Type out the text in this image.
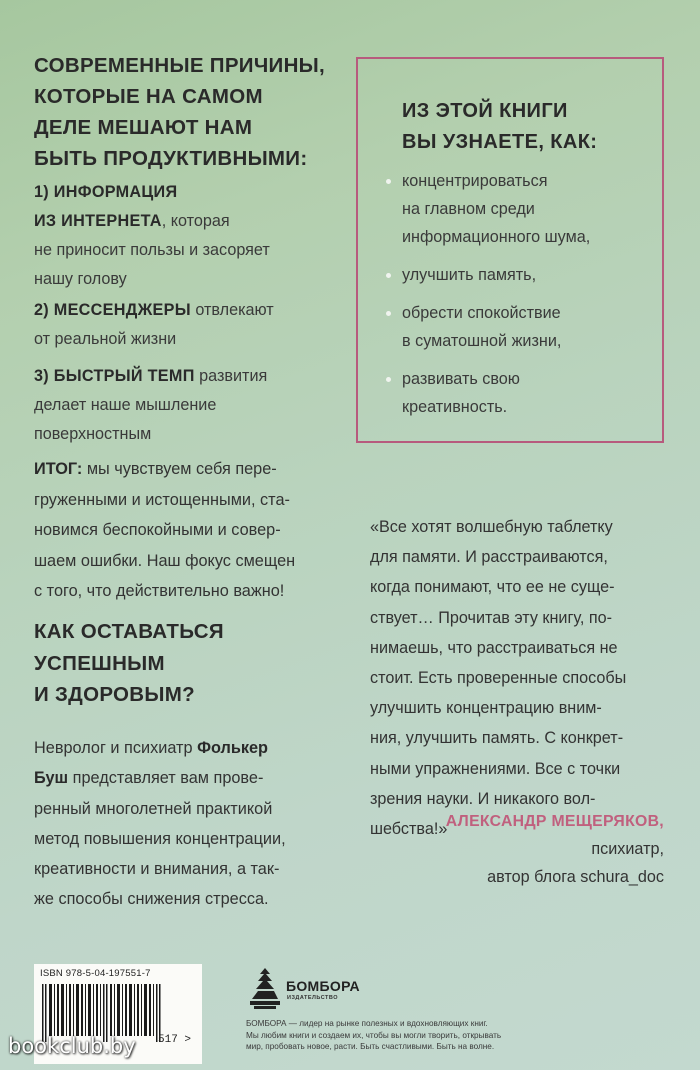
СОВРЕМЕННЫЕ ПРИЧИНЫ,
КОТОРЫЕ НА САМОМ
ДЕЛЕ МЕШАЮТ НАМ
БЫТЬ ПРОДУКТИВНЫМИ:
1) ИНФОРМАЦИЯ
ИЗ ИНТЕРНЕТА, которая
не приносит пользы и засоряет
нашу голову
2) МЕССЕНДЖЕРЫ отвлекают
от реальной жизни
3) БЫСТРЫЙ ТЕМП развития
делает наше мышление
поверхностным
ИТОГ: мы чувствуем себя пере-
груженными и истощенными, ста-
новимся беспокойными и совер-
шаем ошибки. Наш фокус смещен
с того, что действительно важно!
КАК ОСТАВАТЬСЯ
УСПЕШНЫМ
И ЗДОРОВЫМ?
Невролог и психиатр Фолькер
Буш представляет вам прове-
ренный многолетней практикой
метод повышения концентрации,
креативности и внимания, а так-
же способы снижения стресса.
ИЗ ЭТОЙ КНИГИ
ВЫ УЗНАЕТЕ, КАК:
концентрироваться
на главном среди
информационного шума,
улучшить память,
обрести спокойствие
в суматошной жизни,
развивать свою
креативность.
«Все хотят волшебную таблетку
для памяти. И расстраиваются,
когда понимают, что ее не суще-
ствует… Прочитав эту книгу, по-
нимаешь, что расстраиваться не
стоит. Есть проверенные способы
улучшить концентрацию вним-
ния, улучшить память. С конкрет-
ными упражнениями. Все с точки
зрения науки. И никакого вол-
шебства!»
АЛЕКСАНДР МЕЩЕРЯКОВ,
психиатр,
автор блога schura_doc
ISBN 978-5-04-197551-7
517 >
bookclub.by
БОМБОРА
ИЗДАТЕЛЬСТВО
БОМБОРА — лидер на рынке полезных и вдохновляющих книг.
Мы любим книги и создаем их, чтобы вы могли творить, открывать
мир, пробовать новое, расти. Быть счастливыми. Быть на волне.
